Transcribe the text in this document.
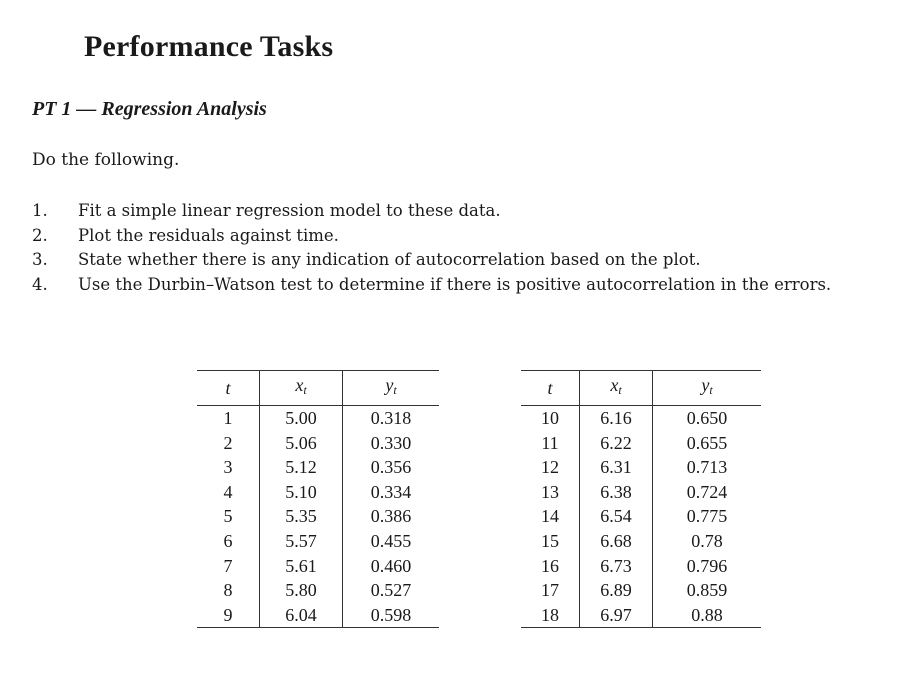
Performance Tasks
PT 1 — Regression Analysis
Do the following.
1. Fit a simple linear regression model to these data.
2. Plot the residuals against time.
3. State whether there is any indication of autocorrelation based on the plot.
4. Use the Durbin–Watson test to determine if there is positive autocorrelation in the errors.
t	$x_t$	$y_t$
1	5.00	0.318
2	5.06	0.330
3	5.12	0.356
4	5.10	0.334
5	5.35	0.386
6	5.57	0.455
7	5.61	0.460
8	5.80	0.527
9	6.04	0.598
t	$x_t$	$y_t$
10	6.16	0.650
11	6.22	0.655
12	6.31	0.713
13	6.38	0.724
14	6.54	0.775
15	6.68	0.78
16	6.73	0.796
17	6.89	0.859
18	6.97	0.88
